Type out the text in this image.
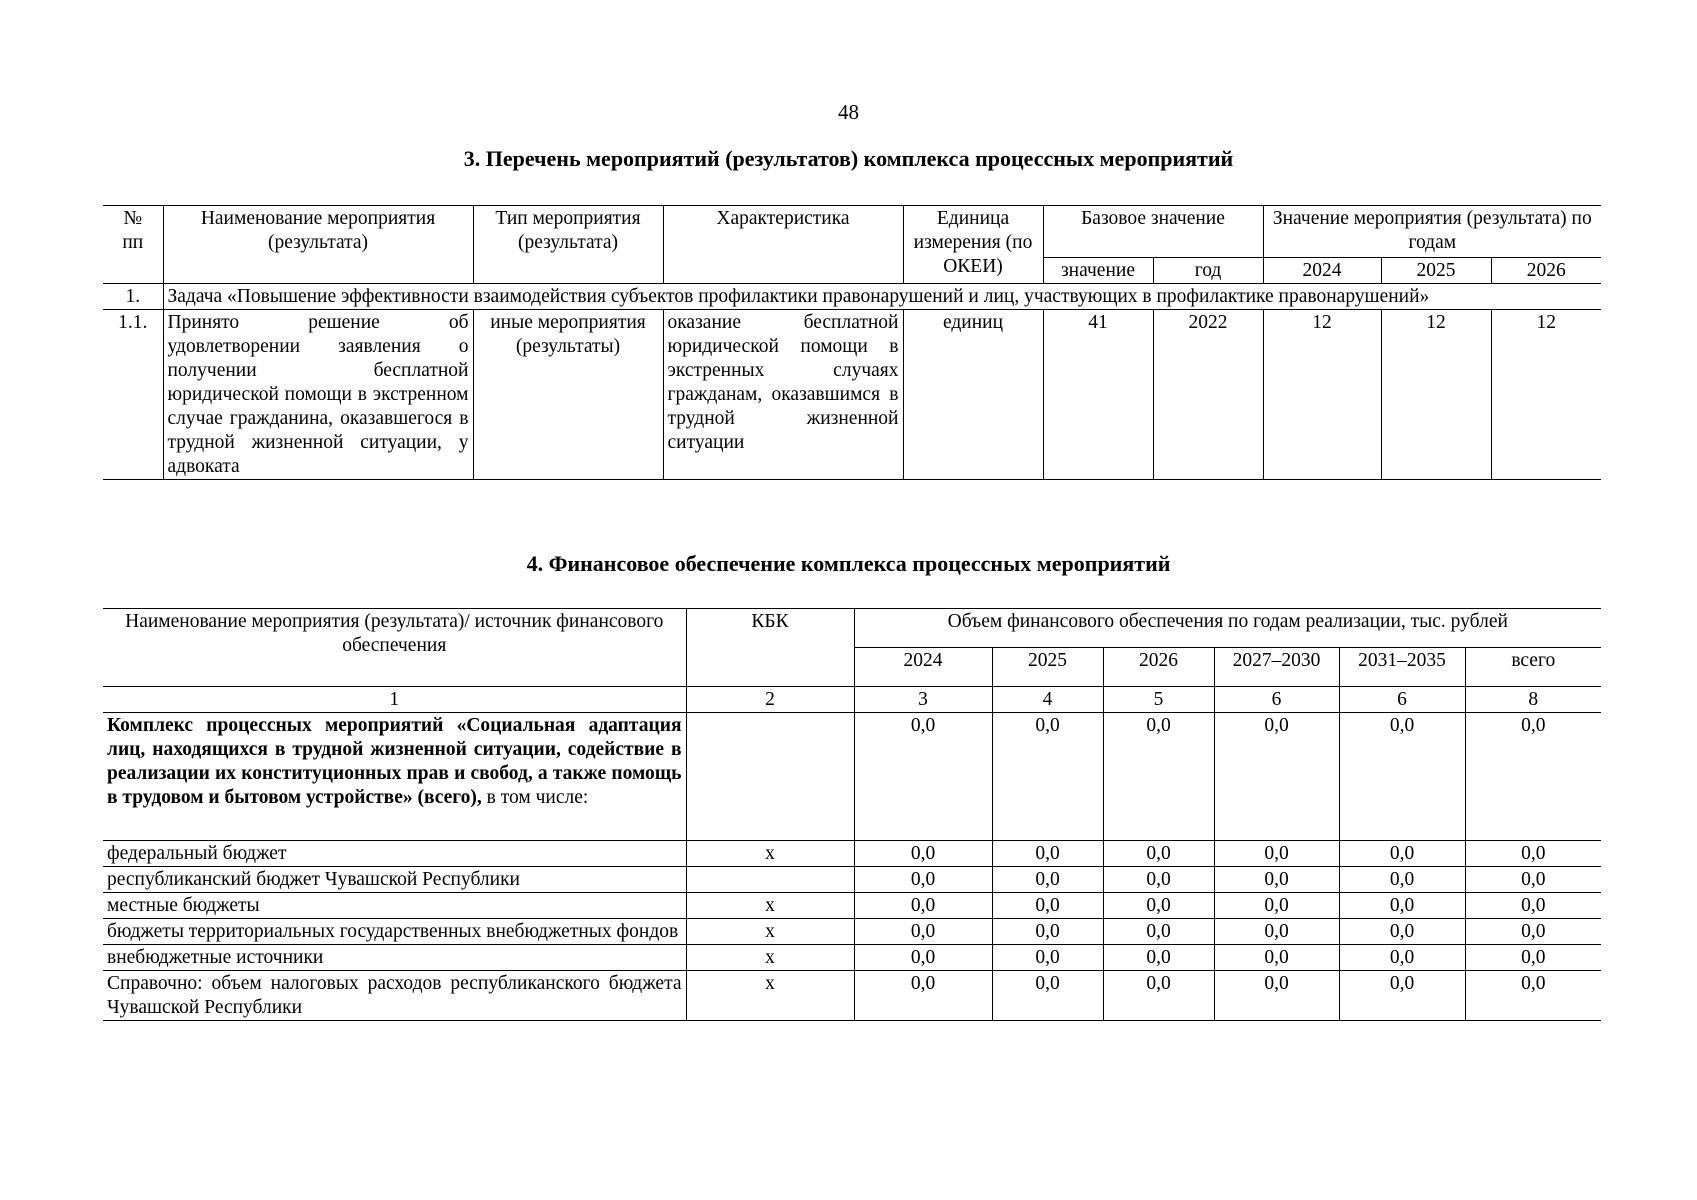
48
3. Перечень мероприятий (результатов) комплекса процессных мероприятий
№
пп	Наименование мероприятия (результата)	Тип мероприятия (результата)	Характеристика	Единица измерения (по ОКЕИ)	Базовое значение		Значение мероприятия (результата) по годам		
					значение	год	2024	2025	2026
1.	Задача «Повышение эффективности взаимодействия субъектов профилактики правонарушений и лиц, участвующих в профилактике правонарушений»								
1.1.	Принято решение об удовлетворении заявления о получении бесплатной юридической помощи в экстренном случае гражданина, оказавшегося в трудной жизненной ситуации, у адвоката	иные мероприятия (результаты)	оказание бесплатной юридической помощи в экстренных случаях гражданам, оказавшимся в трудной жизненной ситуации	единиц	41	2022	12	12	12
4. Финансовое обеспечение комплекса процессных мероприятий
Наименование мероприятия (результата)/ источник финансового обеспечения	КБК	Объем финансового обеспечения по годам реализации, тыс. рублей					
		2024	2025	2026	2027–2030	2031–2035	всего
1	2	3	4	5	6	6	8
Комплекс процессных мероприятий «Социальная адаптация лиц, находящихся в трудной жизненной ситуации, содействие в реализации их конституционных прав и свобод, а также помощь в трудовом и бытовом устройстве» (всего), в том числе:		0,0	0,0	0,0	0,0	0,0	0,0
федеральный бюджет	x	0,0	0,0	0,0	0,0	0,0	0,0
республиканский бюджет Чувашской Республики		0,0	0,0	0,0	0,0	0,0	0,0
местные бюджеты	x	0,0	0,0	0,0	0,0	0,0	0,0
бюджеты территориальных государственных внебюджетных фондов	x	0,0	0,0	0,0	0,0	0,0	0,0
внебюджетные источники	x	0,0	0,0	0,0	0,0	0,0	0,0
Справочно: объем налоговых расходов республиканского бюджета Чувашской Республики	x	0,0	0,0	0,0	0,0	0,0	0,0
